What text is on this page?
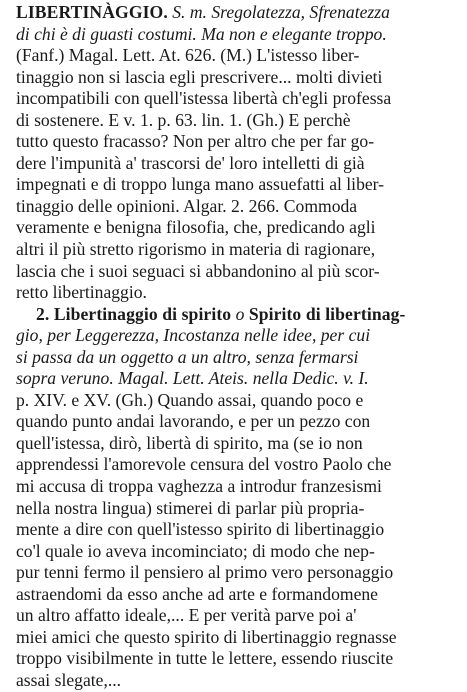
LIBERTINÀGGIO. S. m. Sregolatezza, Sfrenatezza
di chi è di guasti costumi. Ma non e elegante troppo.
(Fanf.) Magal. Lett. At. 626. (M.) L'istesso liber-
tinaggio non si lascia egli prescrivere... molti divieti
incompatibili con quell'istessa libertà ch'egli professa
di sostenere. E v. 1. p. 63. lin. 1. (Gh.) E perchè
tutto questo fracasso? Non per altro che per far go-
dere l'impunità a' trascorsi de' loro intelletti di già
impegnati e di troppo lunga mano assuefatti al liber-
tinaggio delle opinioni. Algar. 2. 266. Commoda
veramente e benigna filosofia, che, predicando agli
altri il più stretto rigorismo in materia di ragionare,
lascia che i suoi seguaci si abbandonino al più scor-
retto libertinaggio.
2. Libertinaggio di spirito o Spirito di libertinag-
gio, per Leggerezza, Incostanza nelle idee, per cui
si passa da un oggetto a un altro, senza fermarsi
sopra veruno. Magal. Lett. Ateis. nella Dedic. v. I.
p. XIV. e XV. (Gh.) Quando assai, quando poco e
quando punto andai lavorando, e per un pezzo con
quell'istessa, dirò, libertà di spirito, ma (se io non
apprendessi l'amorevole censura del vostro Paolo che
mi accusa di troppa vaghezza a introdur franzesismi
nella nostra lingua) stimerei di parlar più propria-
mente a dire con quell'istesso spirito di libertinaggio
co'l quale io aveva incominciato; di modo che nep-
pur tenni fermo il pensiero al primo vero personaggio
astraendomi da esso anche ad arte e formandomene
un altro affatto ideale,... E per verità parve poi a'
miei amici che questo spirito di libertinaggio regnasse
troppo visibilmente in tutte le lettere, essendo riuscite
assai slegate,...
